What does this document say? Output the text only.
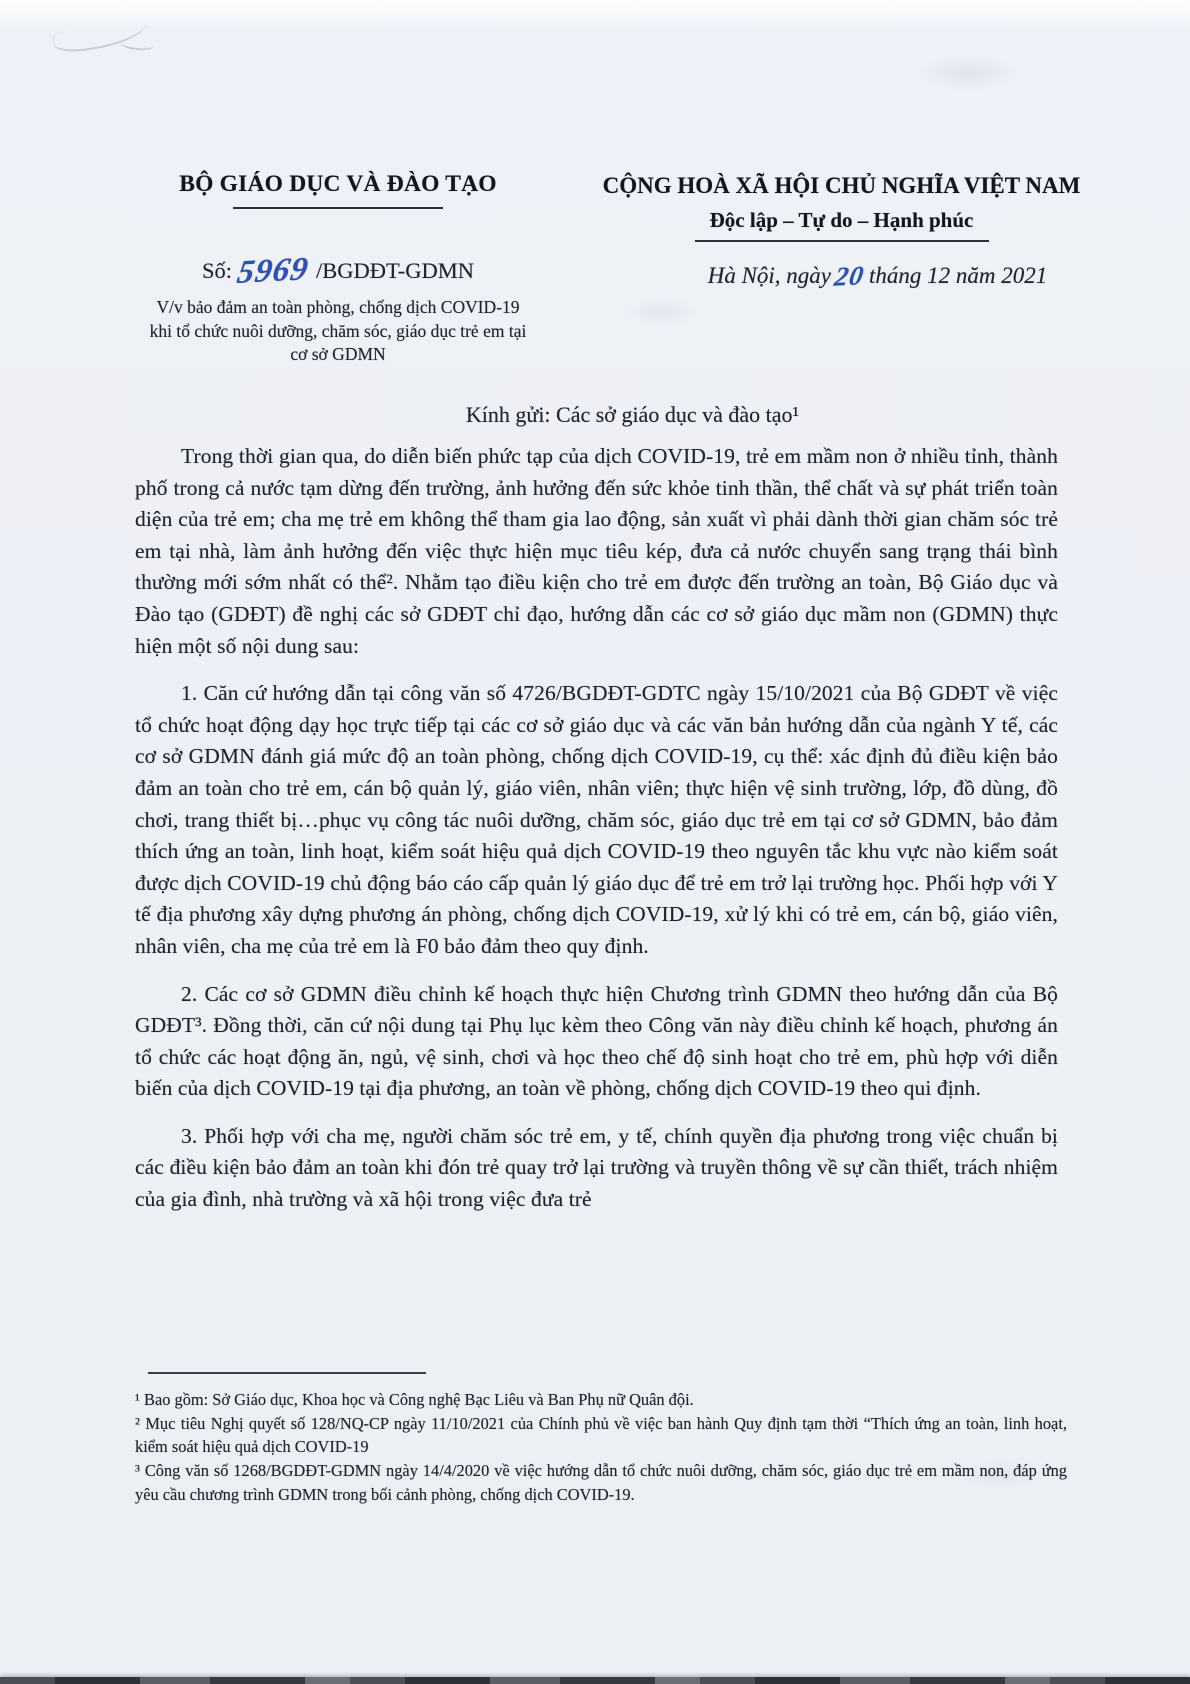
BỘ GIÁO DỤC VÀ ĐÀO TẠO
Số:5969 /BGDĐT-GDMN
V/v bảo đảm an toàn phòng, chống dịch COVID-19 khi tổ chức nuôi dưỡng, chăm sóc, giáo dục trẻ em tại cơ sở GDMN
CỘNG HOÀ XÃ HỘI CHỦ NGHĨA VIỆT NAM
Độc lập – Tự do – Hạnh phúc
Hà Nội, ngày20 tháng 12 năm 2021
Kính gửi: Các sở giáo dục và đào tạo¹

Trong thời gian qua, do diễn biến phức tạp của dịch COVID-19, trẻ em mầm non ở nhiều tỉnh, thành phố trong cả nước tạm dừng đến trường, ảnh hưởng đến sức khỏe tinh thần, thể chất và sự phát triển toàn diện của trẻ em; cha mẹ trẻ em không thể tham gia lao động, sản xuất vì phải dành thời gian chăm sóc trẻ em tại nhà, làm ảnh hưởng đến việc thực hiện mục tiêu kép, đưa cả nước chuyển sang trạng thái bình thường mới sớm nhất có thể². Nhằm tạo điều kiện cho trẻ em được đến trường an toàn, Bộ Giáo dục và Đào tạo (GDĐT) đề nghị các sở GDĐT chỉ đạo, hướng dẫn các cơ sở giáo dục mầm non (GDMN) thực hiện một số nội dung sau:

1. Căn cứ hướng dẫn tại công văn số 4726/BGDĐT-GDTC ngày 15/10/2021 của Bộ GDĐT về việc tổ chức hoạt động dạy học trực tiếp tại các cơ sở giáo dục và các văn bản hướng dẫn của ngành Y tế, các cơ sở GDMN đánh giá mức độ an toàn phòng, chống dịch COVID-19, cụ thể: xác định đủ điều kiện bảo đảm an toàn cho trẻ em, cán bộ quản lý, giáo viên, nhân viên; thực hiện vệ sinh trường, lớp, đồ dùng, đồ chơi, trang thiết bị…phục vụ công tác nuôi dưỡng, chăm sóc, giáo dục trẻ em tại cơ sở GDMN, bảo đảm thích ứng an toàn, linh hoạt, kiểm soát hiệu quả dịch COVID-19 theo nguyên tắc khu vực nào kiểm soát được dịch COVID-19 chủ động báo cáo cấp quản lý giáo dục để trẻ em trở lại trường học. Phối hợp với Y tế địa phương xây dựng phương án phòng, chống dịch COVID-19, xử lý khi có trẻ em, cán bộ, giáo viên, nhân viên, cha mẹ của trẻ em là F0 bảo đảm theo quy định.

2. Các cơ sở GDMN điều chỉnh kế hoạch thực hiện Chương trình GDMN theo hướng dẫn của Bộ GDĐT³. Đồng thời, căn cứ nội dung tại Phụ lục kèm theo Công văn này điều chỉnh kế hoạch, phương án tổ chức các hoạt động ăn, ngủ, vệ sinh, chơi và học theo chế độ sinh hoạt cho trẻ em, phù hợp với diễn biến của dịch COVID-19 tại địa phương, an toàn về phòng, chống dịch COVID-19 theo qui định.

3. Phối hợp với cha mẹ, người chăm sóc trẻ em, y tế, chính quyền địa phương trong việc chuẩn bị các điều kiện bảo đảm an toàn khi đón trẻ quay trở lại trường và truyền thông về sự cần thiết, trách nhiệm của gia đình, nhà trường và xã hội trong việc đưa trẻ

¹ Bao gồm: Sở Giáo dục, Khoa học và Công nghệ Bạc Liêu và Ban Phụ nữ Quân đội.

² Mục tiêu Nghị quyết số 128/NQ-CP ngày 11/10/2021 của Chính phủ về việc ban hành Quy định tạm thời “Thích ứng an toàn, linh hoạt, kiểm soát hiệu quả dịch COVID-19

³ Công văn số 1268/BGDĐT-GDMN ngày 14/4/2020 về việc hướng dẫn tổ chức nuôi dưỡng, chăm sóc, giáo dục trẻ em mầm non, đáp ứng yêu cầu chương trình GDMN trong bối cảnh phòng, chống dịch COVID-19.
